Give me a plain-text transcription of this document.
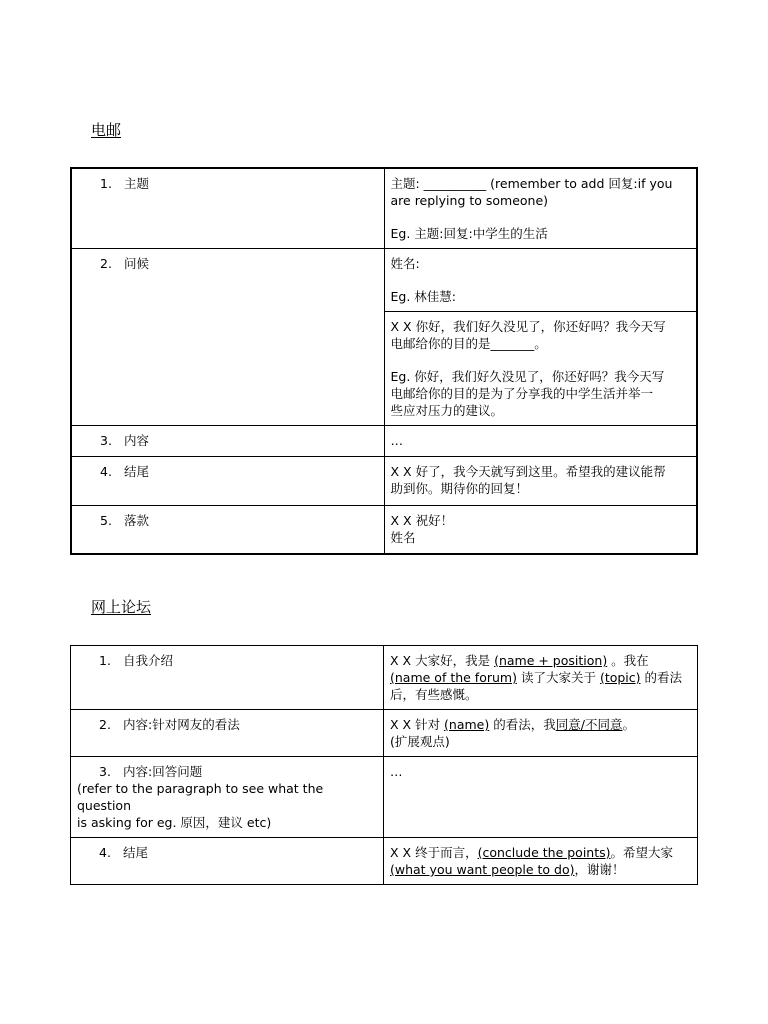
电邮
1. 主题	主题: __________ (remember to add 回复:if you
are replying to someone)
Eg. 主题:回复:中学生的生活

2. 问候	姓名:
Eg. 林佳慧:

	X X 你好，我们好久没见了，你还好吗？我今天写
电邮给你的目的是_______。
Eg. 你好，我们好久没见了，你还好吗？我今天写
电邮给你的目的是为了分享我的中学生活并举一
些应对压力的建议。

3. 内容	…

4. 结尾	X X 好了，我今天就写到这里。希望我的建议能帮
助到你。期待你的回复！

5. 落款	X X 祝好！
姓名
网上论坛
1. 自我介绍	X X 大家好，我是 (name + position) 。我在
(name of the forum) 读了大家关于 (topic) 的看法
后，有些感慨。

2. 内容:针对网友的看法	X X 针对 (name) 的看法，我同意/不同意。
(扩展观点)

3. 内容:回答问题
(refer to the paragraph to see what the question
is asking for eg. 原因，建议 etc)	…

4. 结尾	X X 终于而言，(conclude the points)。希望大家
(what you want people to do)，谢谢！
